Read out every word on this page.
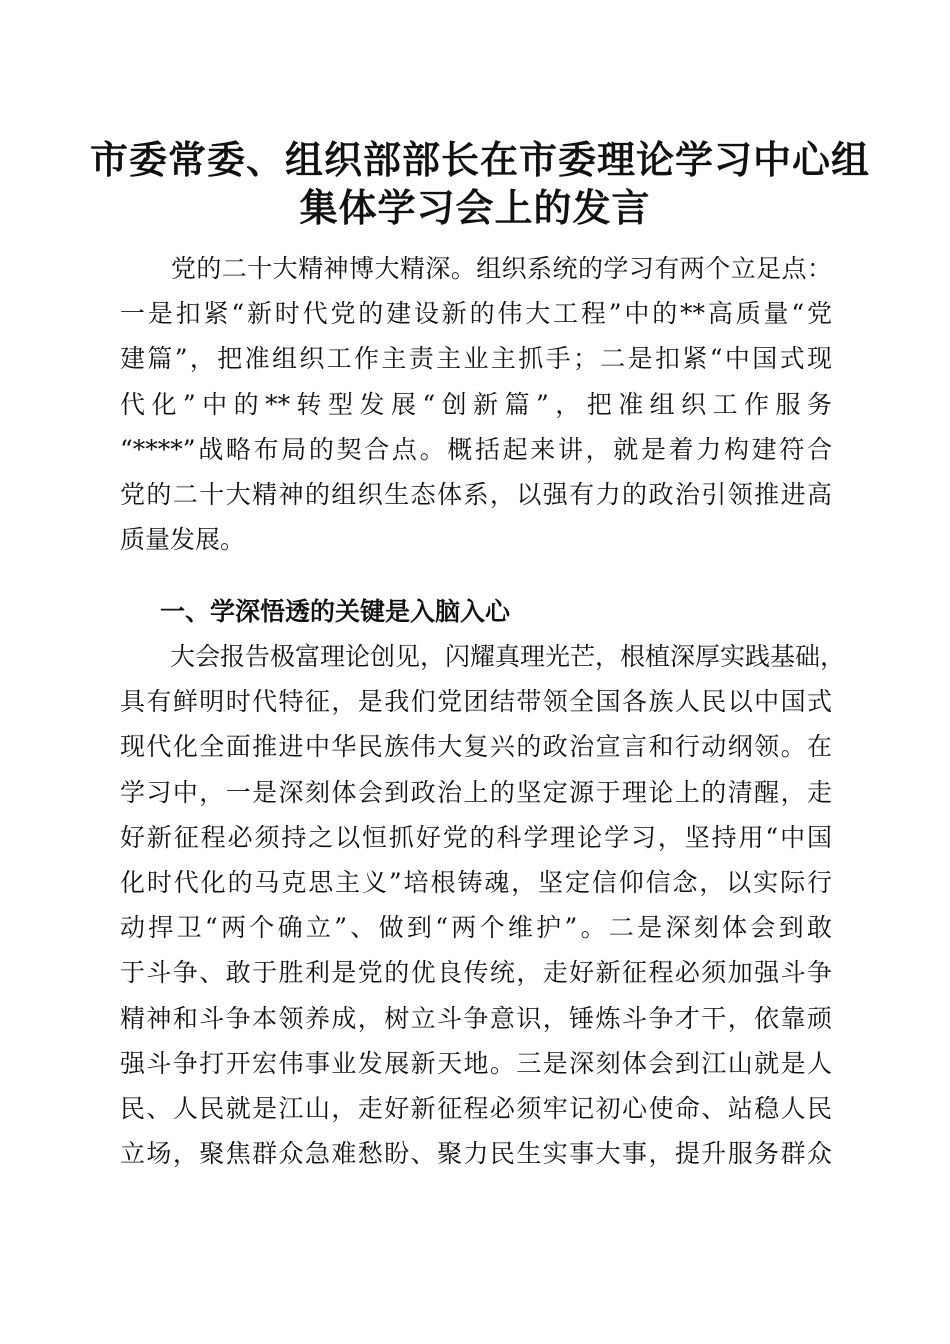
市委常委、组织部部长在市委理论学习中心组
集体学习会上的发言
　　党的二十大精神博大精深。组织系统的学习有两个立足点：
一是扣紧“新时代党的建设新的伟大工程”中的**高质量“党
建篇”，把准组织工作主责主业主抓手；二是扣紧“中国式现
代化”中的**转型发展“创新篇”，把准组织工作服务
“****”战略布局的契合点。概括起来讲，就是着力构建符合
党的二十大精神的组织生态体系，以强有力的政治引领推进高
质量发展。
一、学深悟透的关键是入脑入心
　　大会报告极富理论创见，闪耀真理光芒，根植深厚实践基础，
具有鲜明时代特征，是我们党团结带领全国各族人民以中国式
现代化全面推进中华民族伟大复兴的政治宣言和行动纲领。在
学习中，一是深刻体会到政治上的坚定源于理论上的清醒，走
好新征程必须持之以恒抓好党的科学理论学习，坚持用“中国
化时代化的马克思主义”培根铸魂，坚定信仰信念，以实际行
动捍卫“两个确立”、做到“两个维护”。二是深刻体会到敢
于斗争、敢于胜利是党的优良传统，走好新征程必须加强斗争
精神和斗争本领养成，树立斗争意识，锤炼斗争才干，依靠顽
强斗争打开宏伟事业发展新天地。三是深刻体会到江山就是人
民、人民就是江山，走好新征程必须牢记初心使命、站稳人民
立场，聚焦群众急难愁盼、聚力民生实事大事，提升服务群众
